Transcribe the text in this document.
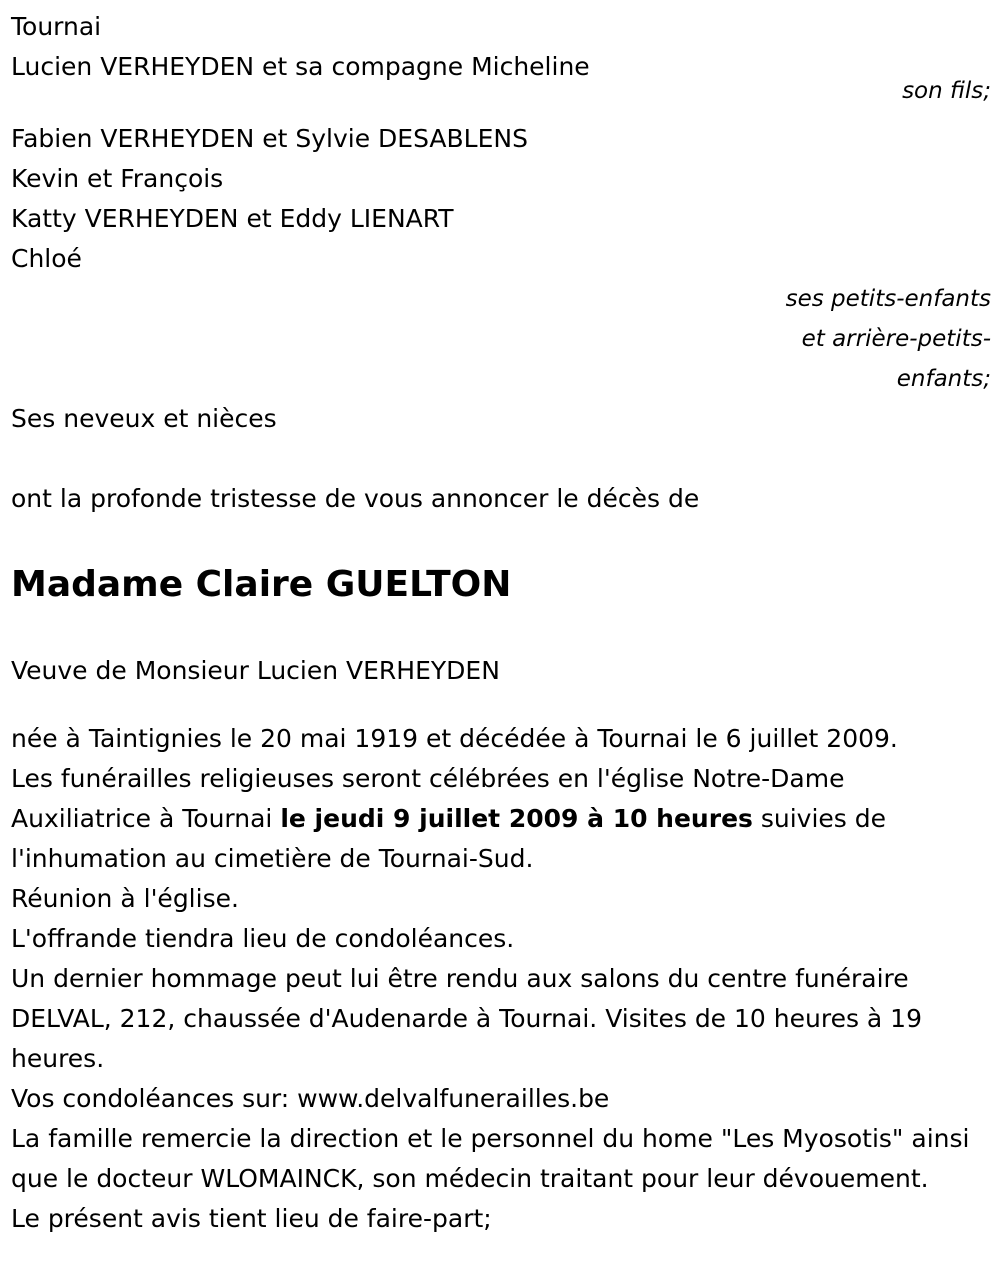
Tournai
Lucien VERHEYDEN et sa compagne Micheline
son fils;
Fabien VERHEYDEN et Sylvie DESABLENS
Kevin et François
Katty VERHEYDEN et Eddy LIENART
Chloé
ses petits-enfants
et arrière-petits-
enfants;
Ses neveux et nièces
ont la profonde tristesse de vous annoncer le décès de
Madame Claire GUELTON
Veuve de Monsieur Lucien VERHEYDEN
née à Taintignies le 20 mai 1919 et décédée à Tournai le 6 juillet 2009.
Les funérailles religieuses seront célébrées en l'église Notre-Dame Auxiliatrice à Tournai le jeudi 9 juillet 2009 à 10 heures suivies de l'inhumation au cimetière de Tournai-Sud.
Réunion à l'église.
L'offrande tiendra lieu de condoléances.
Un dernier hommage peut lui être rendu aux salons du centre funéraire DELVAL, 212, chaussée d'Audenarde à Tournai. Visites de 10 heures à 19 heures.
Vos condoléances sur: www.delvalfunerailles.be
La famille remercie la direction et le personnel du home "Les Myosotis" ainsi que le docteur WLOMAINCK, son médecin traitant pour leur dévouement.
Le présent avis tient lieu de faire-part;
